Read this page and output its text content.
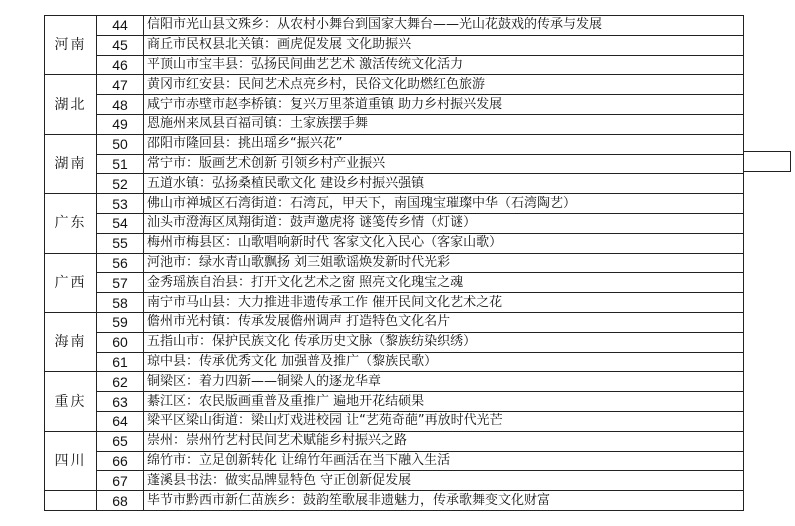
河南	44	信阳市光山县文殊乡：从农村小舞台到国家大舞台——光山花鼓戏的传承与发展
	45	商丘市民权县北关镇：画虎促发展 文化助振兴
	46	平顶山市宝丰县：弘扬民间曲艺艺术 激活传统文化活力
湖北	47	黄冈市红安县：民间艺术点亮乡村，民俗文化助燃红色旅游
	48	咸宁市赤壁市赵李桥镇：复兴万里茶道重镇 助力乡村振兴发展
	49	恩施州来凤县百福司镇：土家族摆手舞
湖南	50	邵阳市隆回县：挑出瑶乡“振兴花”
	51	常宁市：版画艺术创新 引领乡村产业振兴
	52	五道水镇：弘扬桑植民歌文化 建设乡村振兴强镇
广东	53	佛山市禅城区石湾街道：石湾瓦，甲天下，南国瑰宝璀璨中华（石湾陶艺）
	54	汕头市澄海区凤翔街道：鼓声邀虎将 谜笺传乡情（灯谜）
	55	梅州市梅县区：山歌唱响新时代 客家文化入民心（客家山歌）
广西	56	河池市：绿水青山歌飘扬 刘三姐歌谣焕发新时代光彩
	57	金秀瑶族自治县：打开文化艺术之窗 照亮文化瑰宝之魂
	58	南宁市马山县：大力推进非遗传承工作 催开民间文化艺术之花
海南	59	儋州市光村镇：传承发展儋州调声 打造特色文化名片
	60	五指山市：保护民族文化 传承历史文脉（黎族纺染织绣）
	61	琼中县：传承优秀文化 加强普及推广（黎族民歌）
重庆	62	铜梁区：着力四新——铜梁人的逐龙华章
	63	綦江区：农民版画重普及重推广 遍地开花结硕果
	64	梁平区梁山街道：梁山灯戏进校园 让“艺苑奇葩”再放时代光芒
四川	65	崇州：崇州竹艺村民间艺术赋能乡村振兴之路
	66	绵竹市：立足创新转化 让绵竹年画活在当下融入生活
	67	蓬溪县书法：做实品牌显特色 守正创新促发展
	68	毕节市黔西市新仁苗族乡：鼓韵笙歌展非遗魅力，传承歌舞变文化财富
